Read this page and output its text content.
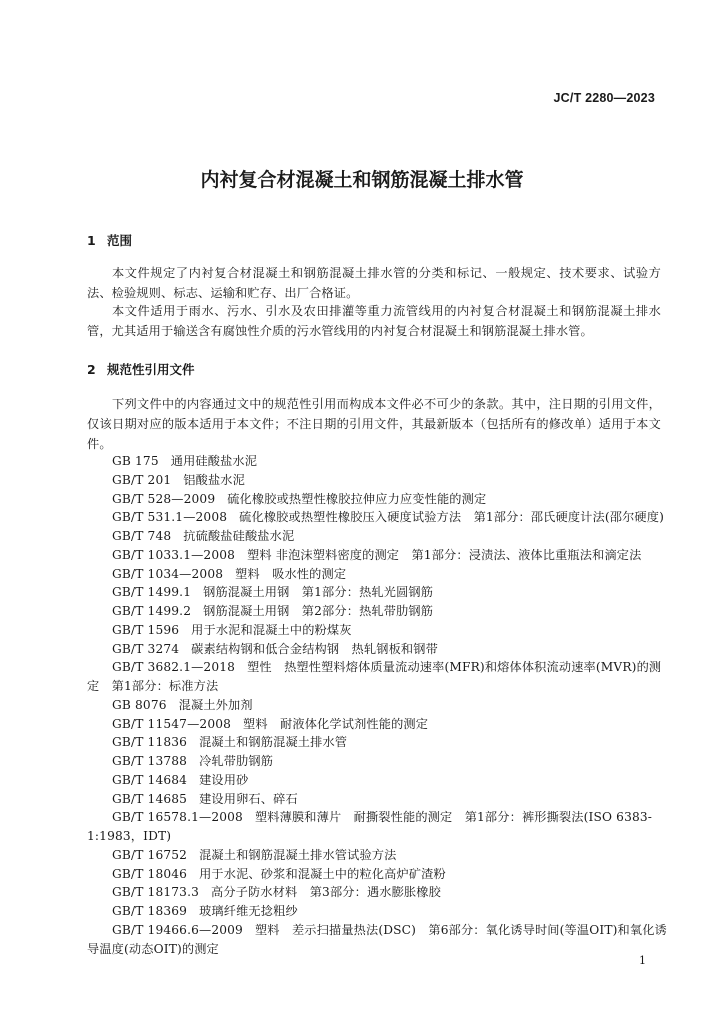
JC/T 2280—2023
内衬复合材混凝土和钢筋混凝土排水管
1 范围
本文件规定了内衬复合材混凝土和钢筋混凝土排水管的分类和标记、一般规定、技术要求、试验方法、检验规则、标志、运输和贮存、出厂合格证。
本文件适用于雨水、污水、引水及农田排灌等重力流管线用的内衬复合材混凝土和钢筋混凝土排水管，尤其适用于输送含有腐蚀性介质的污水管线用的内衬复合材混凝土和钢筋混凝土排水管。
2 规范性引用文件
下列文件中的内容通过文中的规范性引用而构成本文件必不可少的条款。其中，注日期的引用文件，仅该日期对应的版本适用于本文件；不注日期的引用文件，其最新版本（包括所有的修改单）适用于本文件。
GB 175 通用硅酸盐水泥
GB/T 201 铝酸盐水泥
GB/T 528—2009 硫化橡胶或热塑性橡胶拉伸应力应变性能的测定
GB/T 531.1—2008 硫化橡胶或热塑性橡胶压入硬度试验方法　第1部分：邵氏硬度计法(邵尔硬度)
GB/T 748 抗硫酸盐硅酸盐水泥
GB/T 1033.1—2008 塑料 非泡沫塑料密度的测定　第1部分：浸渍法、液体比重瓶法和滴定法
GB/T 1034—2008 塑料　吸水性的测定
GB/T 1499.1 钢筋混凝土用钢　第1部分：热轧光圆钢筋
GB/T 1499.2 钢筋混凝土用钢　第2部分：热轧带肋钢筋
GB/T 1596 用于水泥和混凝土中的粉煤灰
GB/T 3274 碳素结构钢和低合金结构钢　热轧钢板和钢带
GB/T 3682.1—2018 塑性　热塑性塑料熔体质量流动速率(MFR)和熔体体积流动速率(MVR)的测定　第1部分：标准方法
GB 8076 混凝土外加剂
GB/T 11547—2008 塑料　耐液体化学试剂性能的测定
GB/T 11836 混凝土和钢筋混凝土排水管
GB/T 13788 冷轧带肋钢筋
GB/T 14684 建设用砂
GB/T 14685 建设用卵石、碎石
GB/T 16578.1—2008 塑料薄膜和薄片　耐撕裂性能的测定　第1部分：裤形撕裂法(ISO 6383-1:1983，IDT)
GB/T 16752 混凝土和钢筋混凝土排水管试验方法
GB/T 18046 用于水泥、砂浆和混凝土中的粒化高炉矿渣粉
GB/T 18173.3 高分子防水材料　第3部分：遇水膨胀橡胶
GB/T 18369 玻璃纤维无捻粗纱
GB/T 19466.6—2009 塑料　差示扫描量热法(DSC)　第6部分：氧化诱导时间(等温OIT)和氧化诱导温度(动态OIT)的测定
1
